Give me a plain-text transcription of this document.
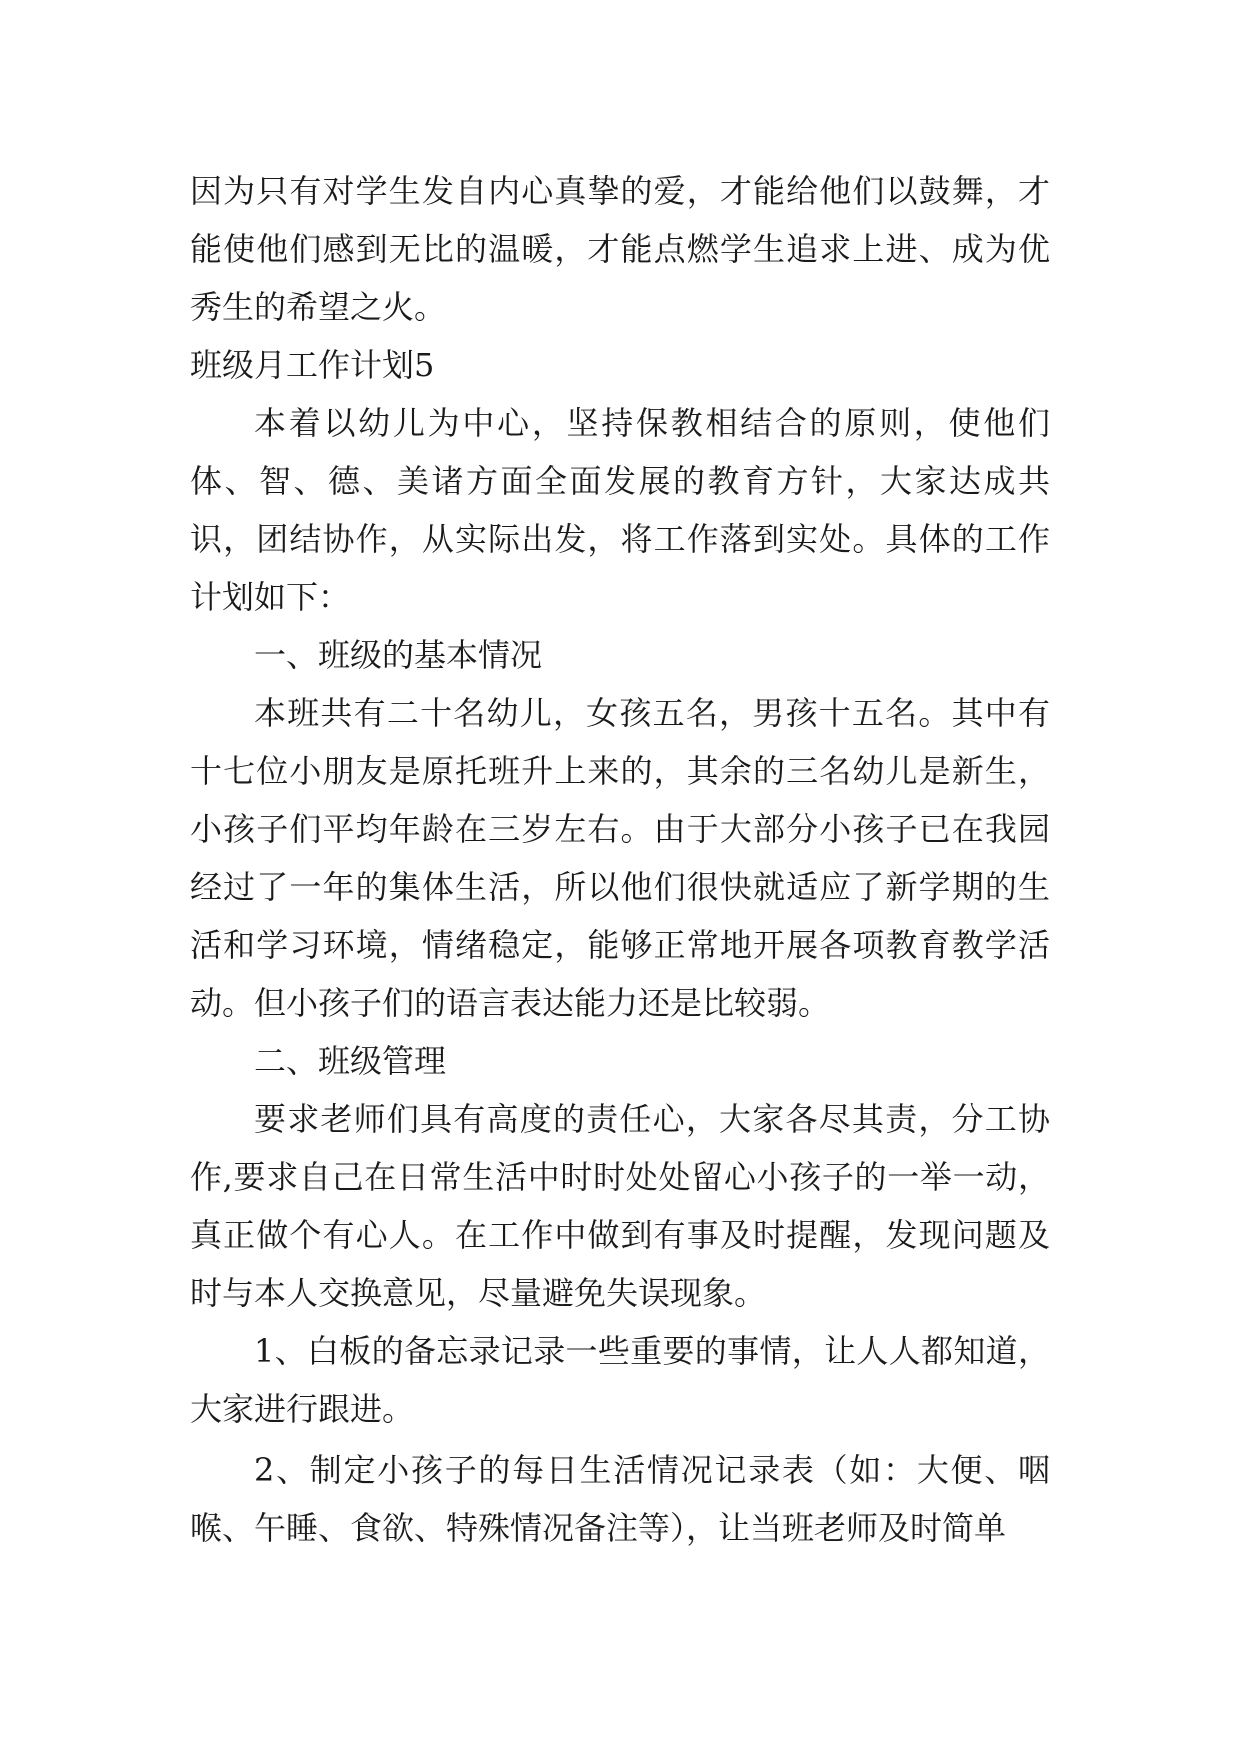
因为只有对学生发自内心真挚的爱，才能给他们以鼓舞，才能使他们感到无比的温暖，才能点燃学生追求上进、成为优秀生的希望之火。

班级月工作计划5

本着以幼儿为中心，坚持保教相结合的原则，使他们体、智、德、美诸方面全面发展的教育方针，大家达成共识，团结协作，从实际出发，将工作落到实处。具体的工作计划如下：

一、班级的基本情况

本班共有二十名幼儿，女孩五名，男孩十五名。其中有十七位小朋友是原托班升上来的，其余的三名幼儿是新生，小孩子们平均年龄在三岁左右。由于大部分小孩子已在我园经过了一年的集体生活，所以他们很快就适应了新学期的生活和学习环境，情绪稳定，能够正常地开展各项教育教学活动。但小孩子们的语言表达能力还是比较弱。

二、班级管理

要求老师们具有高度的责任心，大家各尽其责，分工协作,要求自己在日常生活中时时处处留心小孩子的一举一动，真正做个有心人。在工作中做到有事及时提醒，发现问题及时与本人交换意见，尽量避免失误现象。

1、白板的备忘录记录一些重要的事情，让人人都知道，大家进行跟进。

2、制定小孩子的每日生活情况记录表（如：大便、咽喉、午睡、食欲、特殊情况备注等），让当班老师及时简单
